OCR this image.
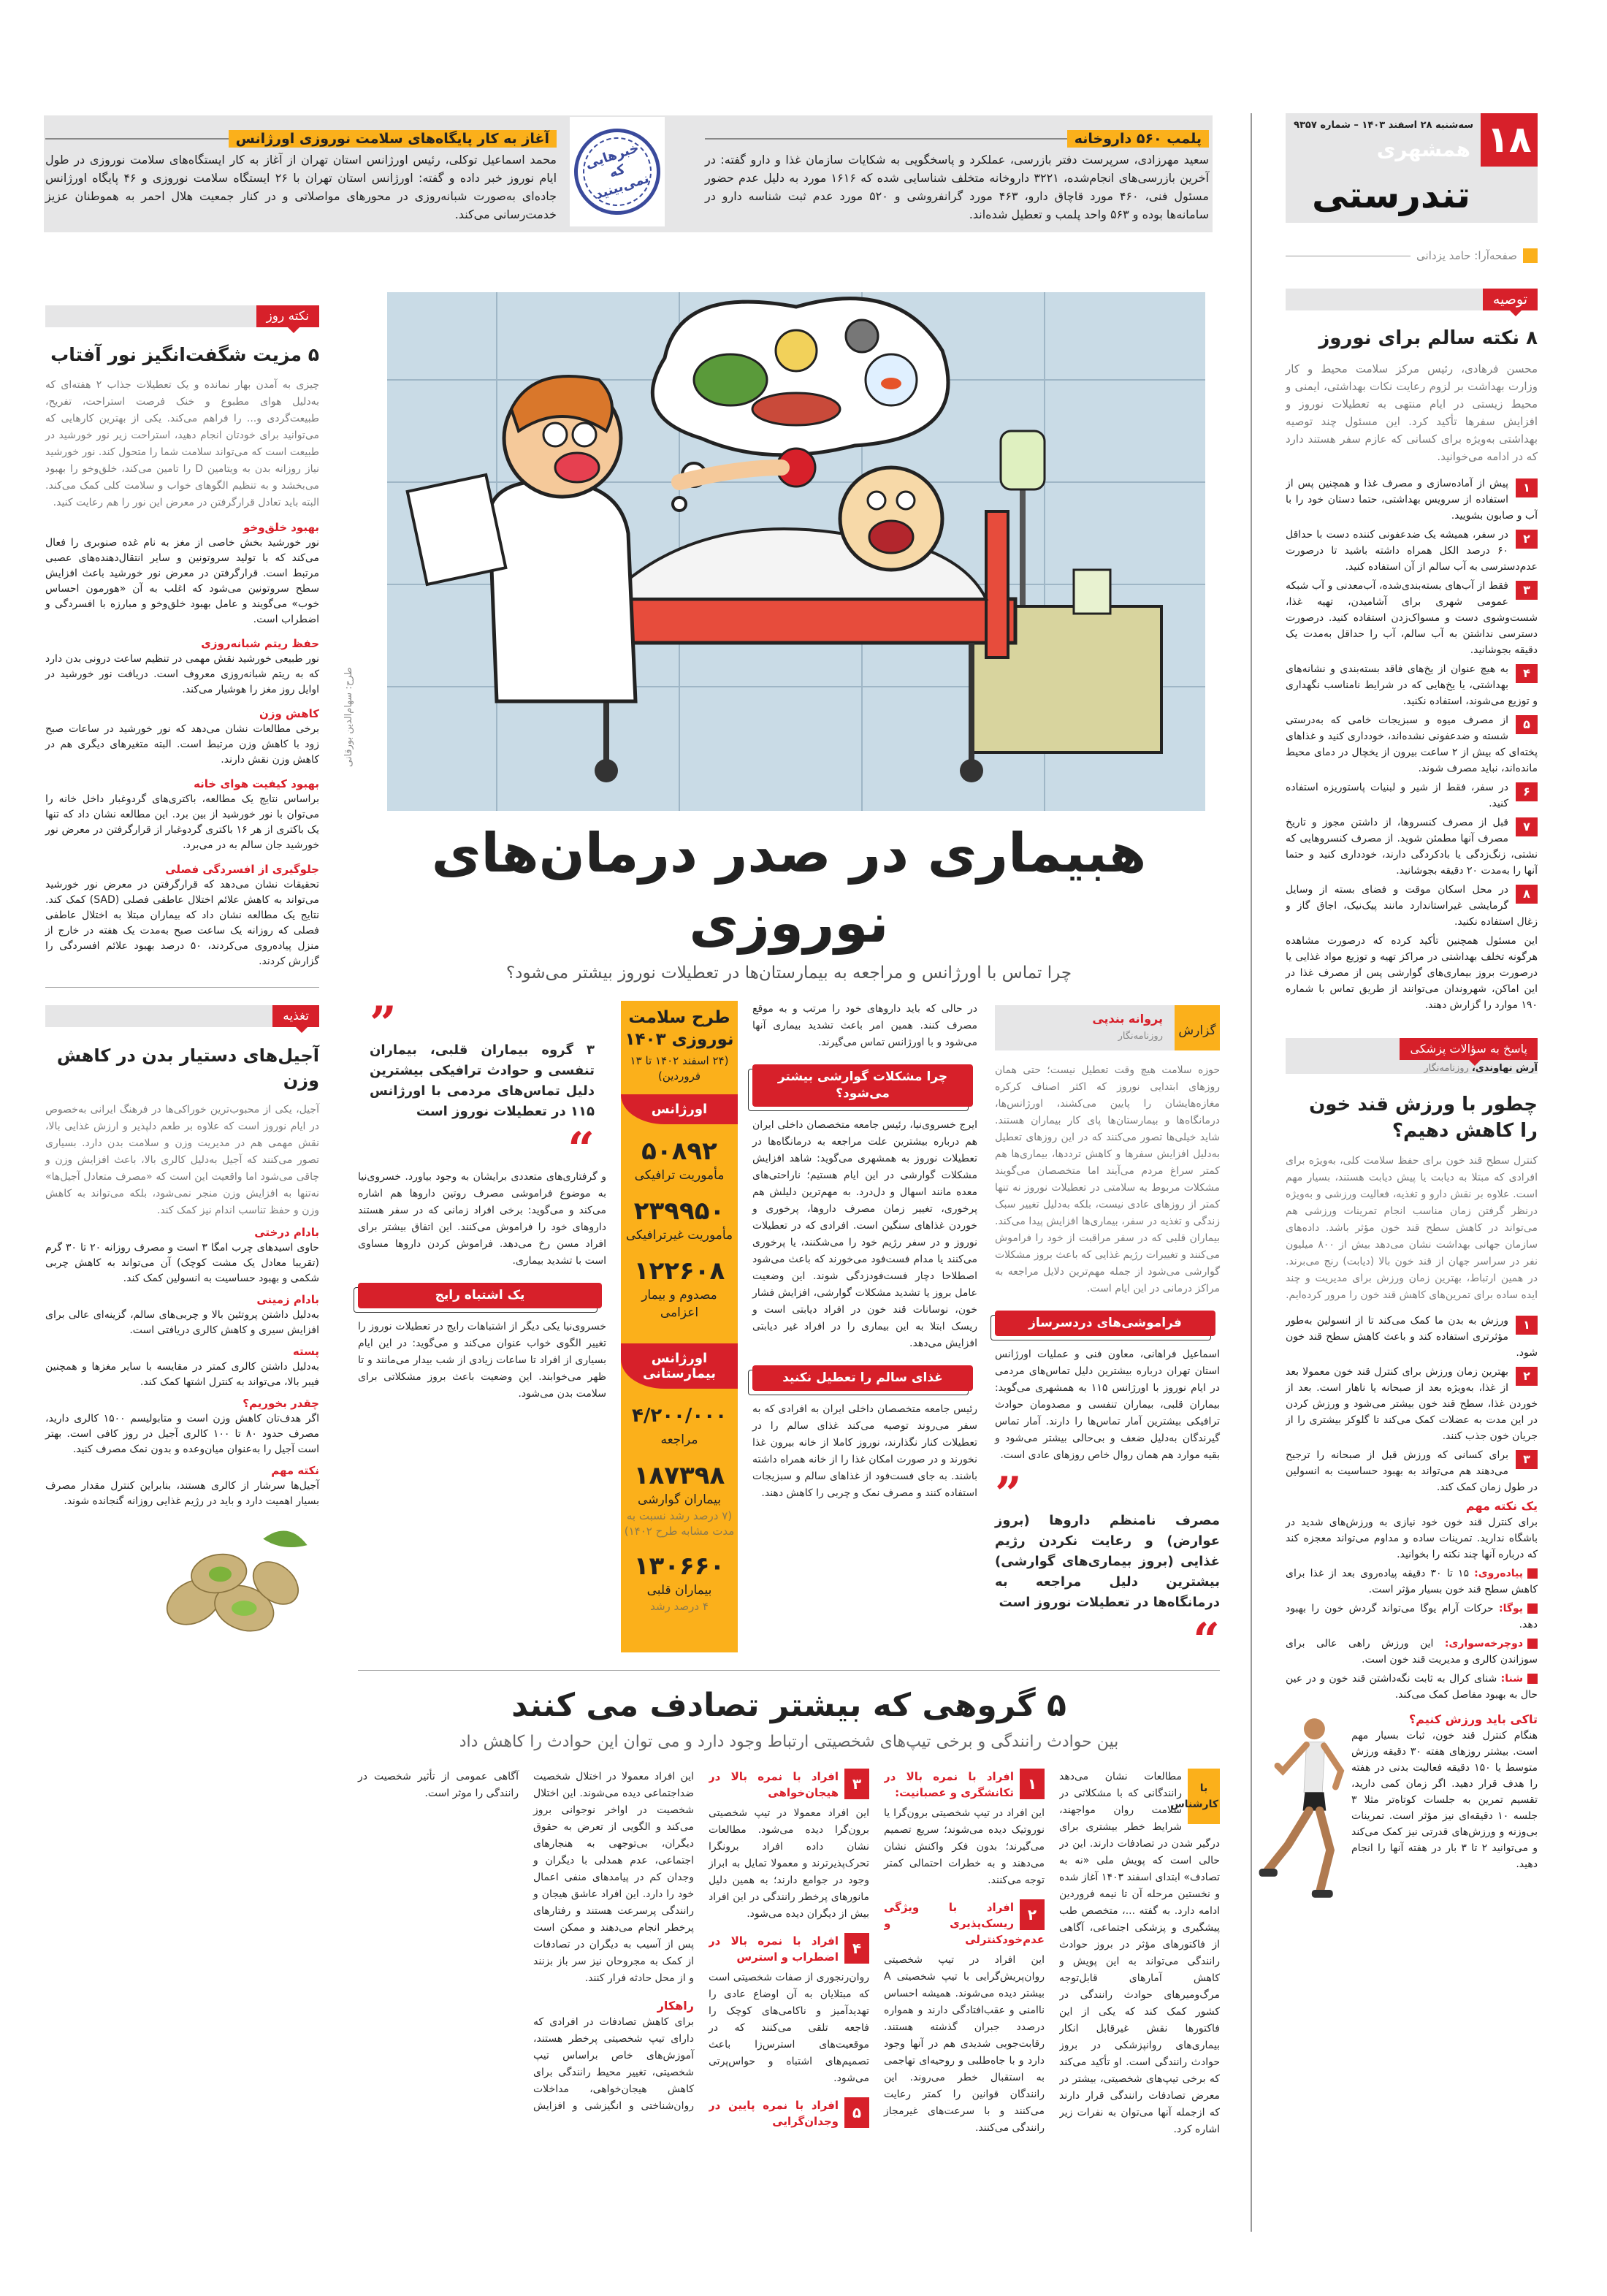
پلمب ۵۶۰ داروخانه

سعید مهرزادی، سرپرست دفتر بازرسی، عملکرد و پاسخگویی به شکایات سازمان غذا و دارو گفته: در آخرین بازرسی‌های انجام‌شده، ۳۲۲۱ داروخانه متخلف شناسایی شده که ۱۶۱۶ مورد به دلیل عدم حضور مسئول فنی، ۴۶۰ مورد قاچاق دارو، ۴۶۳ مورد گرانفروشی و ۵۲۰ مورد عدم ثبت شناسه دارو در سامانه‌ها بوده و ۵۶۳ واحد پلمب و تعطیل شده‌اند.

خبرهایی که نمی‌بینید
آغاز به کار پایگاه‌های سلامت نوروزی اورژانس

محمد اسماعیل توکلی، رئیس اورژانس استان تهران از آغاز به کار ایستگاه‌های سلامت نوروزی در طول ایام نوروز خبر داده و گفته: اورژانس استان تهران با ۲۶ ایستگاه سلامت نوروزی و ۴۶ پایگاه اورژانس جاده‌ای به‌صورت شبانه‌روزی در محورهای مواصلاتی و در کنار جمعیت هلال احمر به هموطنان عزیز خدمت‌رسانی می‌کند.

۱۸
سه‌شنبه ۲۸ اسفند ۱۴۰۳ – شماره ۹۳۵۷
همشهری
تندرستی
صفحه‌آرا: حامد یزدانی
توصیه
۸ نکته سالم برای نوروز

محسن فرهادی، رئیس مرکز سلامت محیط و کار وزارت بهداشت بر لزوم رعایت نکات بهداشتی، ایمنی و محیط زیستی در ایام منتهی به تعطیلات نوروز و افزایش سفرها تأکید کرد. این مسئول چند توصیه بهداشتی به‌ویژه برای کسانی که عازم سفر هستند دارد که در ادامه می‌خوانید.

۱
پیش از آماده‌سازی و مصرف غذا و همچنین پس از استفاده از سرویس بهداشتی، حتما دستان خود را با آب و صابون بشویید.
۲
در سفر، همیشه یک ضدعفونی کننده دست با حداقل ۶۰ درصد الکل همراه داشته باشید تا درصورت عدم‌دسترسی به آب سالم از آن استفاده کنید.
۳
فقط از آب‌های بسته‌بندی‌شده، آب‌معدنی و آب شبکه عمومی شهری برای آشامیدن، تهیه غذا، شست‌وشوی دست و مسواک‌زدن استفاده کنید. درصورت دسترسی نداشتن به آب سالم، آب را حداقل به‌مدت یک دقیقه بجوشانید.
۴
به هیچ عنوان از یخ‌های فاقد بسته‌بندی و نشانه‌های بهداشتی، یا یخ‌هایی که در شرایط نامناسب نگهداری و توزیع می‌شوند، استفاده نکنید.
۵
از مصرف میوه و سبزیجات خامی که به‌درستی شسته و ضدعفونی نشده‌اند، خودداری کنید و غذاهای پخته‌ای که بیش از ۲ ساعت بیرون از یخچال در دمای محیط مانده‌اند، نباید مصرف شوند.
۶
در سفر، فقط از شیر و لبنیات پاستوریزه استفاده کنید.
۷
قبل از مصرف کنسروها، از داشتن مجوز و تاریخ مصرف آنها مطمئن شوید. از مصرف کنسروهایی که نشتی، زنگ‌زدگی یا بادکردگی دارند، خودداری کنید و حتما آنها را به‌مدت ۲۰ دقیقه بجوشانید.
۸
در محل اسکان موقت و فضای بسته از وسایل گرمایشی غیراستاندارد مانند پیک‌نیک، اجاق گاز و زغال استفاده نکنید.

این مسئول همچنین تأکید کرده که درصورت مشاهده هرگونه تخلف بهداشتی در مراکز تهیه و توزیع مواد غذایی یا درصورت بروز بیماری‌های گوارشی پس از مصرف غذا در این اماکن، شهروندان می‌توانند از طریق تماس با شماره ۱۹۰ موارد را گزارش دهند.

پاسخ به سؤالات پزشکی
آرش نهاوندی، روزنامه‌نگار
چطور با ورزش قند خون را کاهش دهیم؟

کنترل سطح قند خون برای حفظ سلامت کلی، به‌ویژه برای افرادی که مبتلا به دیابت یا پیش دیابت هستند، بسیار مهم است. علاوه بر نقش دارو و تغذیه، فعالیت ورزشی و به‌ویژه درنظر گرفتن زمان مناسب انجام تمرینات ورزشی هم می‌تواند در کاهش سطح قند خون مؤثر باشد. داده‌های سازمان جهانی بهداشت نشان می‌دهد بیش از ۸۰۰ میلیون نفر در سراسر جهان از قند خون بالا (دیابت) رنج می‌برند. در همین ارتباط، بهترین زمان ورزش برای مدیریت و چند ایده ساده برای تمرین‌های کاهش قند خون را مرور کرده‌ایم.

۱
ورزش به بدن ما کمک می‌کند تا از انسولین به‌طور مؤثرتری استفاده کند و باعث کاهش سطح قند خون شود.
۲
بهترین زمان ورزش برای کنترل قند خون معمولا بعد از غذا، به‌ویژه بعد از صبحانه یا ناهار است. بعد از خوردن غذا، سطح قند خون بیشتر می‌شود و ورزش کردن در این مدت به عضلات کمک می‌کند تا گلوکز بیشتری را از جریان خون جذب کنند.
۳
برای کسانی که ورزش قبل از صبحانه را ترجیح می‌دهند هم می‌تواند به بهبود حساسیت به انسولین در طول زمان کمک کند.
یک نکته مهم

برای کنترل قند خون خود نیازی به ورزش‌های شدید در باشگاه ندارید. تمرینات ساده و مداوم می‌تواند معجزه کند که درباره آنها چند نکته را بخوانید.

پیاده‌روی: ۱۵ تا ۳۰ دقیقه پیاده‌روی بعد از غذا برای کاهش سطح قند خون بسیار مؤثر است.

یوگا: حرکات آرام یوگا می‌تواند گردش خون را بهبود دهد.

دوچرخه‌سواری: این ورزش راهی عالی برای سوزاندن کالری و مدیریت قند خون است.

شنا: شنای کرال به ثابت نگه‌داشتن قند خون و در عین حال به بهبود مفاصل کمک می‌کند.

تاکی باید ورزش کنیم؟

هنگام کنترل قند خون، ثبات بسیار مهم است. بیشتر روزهای هفته ۳۰ دقیقه ورزش متوسط یا ۱۵۰ دقیقه فعالیت بدنی در هفته را هدف قرار دهید. اگر زمان کمی دارید، تقسیم تمرین به جلسات کوتاه‌تر مثلا ۳ جلسه ۱۰ دقیقه‌ای نیز مؤثر است. تمرینات بی‌وزنه و ورزش‌های قدرتی نیز کمک می‌کند و می‌توانید ۲ تا ۳ بار در هفته آنها را انجام دهید.

نکته روز
۵ مزیت شگفت‌انگیز نور آفتاب

چیزی به آمدن بهار نمانده و یک تعطیلات جذاب ۲ هفته‌ای که به‌دلیل هوای مطبوع و خنک فرصت استراحت، تفریح، طبیعت‌گردی و... را فراهم می‌کند. یکی از بهترین کارهایی که می‌توانید برای خودتان انجام دهید، استراحت زیر نور خورشید در طبیعت است که می‌تواند سلامت شما را متحول کند. نور خورشید نیاز روزانه بدن به ویتامین D را تامین می‌کند، خلق‌وخو را بهبود می‌بخشد و به تنظیم الگوهای خواب و سلامت کلی کمک می‌کند. البته باید تعادل قرارگرفتن در معرض این نور را هم رعایت کنید.

بهبود خلق‌وخو

نور خورشید بخش خاصی از مغز به نام غده صنوبری را فعال می‌کند که با تولید سروتونین و سایر انتقال‌دهنده‌های عصبی مرتبط است. قرارگرفتن در معرض نور خورشید باعث افزایش سطح سروتونین می‌شود که اغلب به آن «هورمون احساس خوب» می‌گویند و عامل بهبود خلق‌وخو و مبارزه با افسردگی و اضطراب است.

حفظ ریتم شبانه‌روزی

نور طبیعی خورشید نقش مهمی در تنظیم ساعت درونی بدن دارد که به ریتم شبانه‌روزی معروف است. دریافت نور خورشید در اوایل روز مغز را هوشیار می‌کند.

کاهش وزن

برخی مطالعات نشان می‌دهد که نور خورشید در ساعات صبح زود با کاهش وزن مرتبط است. البته متغیرهای دیگری هم در کاهش وزن نقش دارند.

بهبود کیفیت هوای خانه

براساس نتایج یک مطالعه، باکتری‌های گردوغبار داخل خانه را می‌توان با نور خورشید از بین برد. این مطالعه نشان داد که تنها یک باکتری از هر ۱۶ باکتری گردوغبار از قرارگرفتن در معرض نور خورشید جان سالم به در می‌برد.

جلوگیری از افسردگی فصلی

تحقیقات نشان می‌دهد که قرارگرفتن در معرض نور خورشید می‌تواند به کاهش علائم اختلال عاطفی فصلی (SAD) کمک کند. نتایج یک مطالعه نشان داد که بیماران مبتلا به اختلال عاطفی فصلی که روزانه یک ساعت صبح به‌مدت یک هفته در خارج از منزل پیاده‌روی می‌کردند، ۵۰ درصد بهبود علائم افسردگی را گزارش کردند.

تغذیه
آجیل‌های دستیار بدن در کاهش وزن

آجیل، یکی از محبوب‌ترین خوراکی‌ها در فرهنگ ایرانی به‌خصوص در ایام نوروز است که علاوه بر طعم دلپذیر و ارزش غذایی بالا، نقش مهمی هم در مدیریت وزن و سلامت بدن دارد. بسیاری تصور می‌کنند که آجیل به‌دلیل کالری بالا، باعث افزایش وزن و چاقی می‌شود اما واقعیت این است که «مصرف متعادل آجیل‌ها» نه‌تنها به افزایش وزن منجر نمی‌شود، بلکه می‌تواند به کاهش وزن و حفظ تناسب اندام نیز کمک کند.

بادام درختی

حاوی اسیدهای چرب امگا ۳ است و مصرف روزانه ۲۰ تا ۳۰ گرم (تقریبا معادل یک مشت کوچک) آن می‌تواند به کاهش چربی شکمی و بهبود حساسیت به انسولین کمک کند.

بادام زمینی

به‌دلیل داشتن پروتئین بالا و چربی‌های سالم، گزینه‌ای عالی برای افزایش سیری و کاهش کالری دریافتی است.

پسته

به‌دلیل داشتن کالری کمتر در مقایسه با سایر مغزها و همچنین فیبر بالا، می‌تواند به کنترل اشتها کمک کند.

چقدر بخوریم؟

اگر هدف‌تان کاهش وزن است و متابولیسم ۱۵۰۰ کالری دارید، مصرف حدود ۸۰ تا ۱۰۰ کالری آجیل در روز کافی است. بهتر است آجیل را به‌عنوان میان‌وعده و بدون نمک مصرف کنید.

نکته مهم

آجیل‌ها سرشار از کالری هستند، بنابراین کنترل مقدار مصرف بسیار اهمیت دارد و باید در رژیم غذایی روزانه گنجانده شوند.

طرح: سهام‌الدین بورقانی
هبیماری در صدر درمان‌های نوروزی
چرا تماس با اورژانس و مراجعه به بیمارستان‌ها در تعطیلات نوروز بیشتر می‌شود؟
گزارش
پروانه بندپی
روزنامه‌نگار

حوزه سلامت هیچ وقت تعطیل نیست؛ حتی همان روزهای ابتدایی نوروز که اکثر اصناف کرکره مغازه‌هایشان را پایین می‌کشند، اورژانس‌ها، درمانگاه‌ها و بیمارستان‌ها پای کار بیماران هستند. شاید خیلی‌ها تصور می‌کنند که در این روزهای تعطیل به‌دلیل افزایش سفرها و کاهش ترددها، بیماری‌ها هم کمتر سراغ مردم می‌آیند اما متخصصان می‌گویند مشکلات مربوط به سلامتی در تعطیلات نوروز نه تنها کمتر از روزهای عادی نیست، بلکه به‌دلیل تغییر سبک زندگی و تغذیه در سفر، بیماری‌ها افزایش پیدا می‌کند. بیماران قلبی که در سفر مراقبت از خود را فراموش می‌کنند و تغییرات رژیم غذایی که باعث بروز مشکلات گوارشی می‌شود از جمله مهم‌ترین دلایل مراجعه به مراکز درمانی در این ایام است.

فراموشی‌های دردسرساز

اسماعیل فراهانی، معاون فنی و عملیات اورژانس استان تهران درباره بیشترین دلیل تماس‌های مردمی در ایام نوروز با اورژانس ۱۱۵ به همشهری می‌گوید: بیماران قلبی، بیماران تنفسی و مصدومان حوادث ترافیکی بیشترین آمار تماس‌ها را دارند. آمار تماس گیرندگان به‌دلیل ضعف و بی‌حالی بیشتر می‌شود و بقیه موارد هم همان روال خاص روزهای عادی است.

”

مصرف نامنظم داروها (بروز عوارض) و رعایت نکردن رژیم غذایی (بروز بیماری‌های گوارشی) بیشترین دلیل مراجعه به درمانگاه‌ها در تعطیلات نوروز است

“

در حالی که باید داروهای خود را مرتب و به موقع مصرف کنند. همین امر باعث تشدید بیماری آنها می‌شود و با اورژانس تماس می‌گیرند.

چرا مشکلات گوارشی بیشتر می‌شود؟

ایرج خسروی‌نیا، رئیس جامعه متخصصان داخلی ایران هم درباره بیشترین علت مراجعه به درمانگاه‌ها در تعطیلات نوروز به همشهری می‌گوید: شاهد افزایش مشکلات گوارشی در این ایام هستیم؛ ناراحتی‌های معده مانند اسهال و دل‌درد. به مهم‌ترین دلیلش هم پرخوری، تغییر زمان مصرف داروها، پرخوری و خوردن غذاهای سنگین است. افرادی که در تعطیلات نوروز و در سفر رژیم خود را می‌شکنند، یا پرخوری می‌کنند یا مدام فست‌فود می‌خورند که باعث می‌شود اصطلاحا دچار فست‌فودزدگی شوند. این وضعیت عامل بروز یا تشدید مشکلات گوارشی، افزایش فشار خون، نوسانات قند خون در افراد دیابتی است و ریسک ابتلا به این بیماری را در افراد غیر دیابتی افزایش می‌دهد.

غذای سالم را تعطیل نکنید

رئیس جامعه متخصصان داخلی ایران به افرادی که به سفر می‌روند توصیه می‌کند غذای سالم را در تعطیلات کنار نگذارند، نوروز کاملا از خانه بیرون غذا نخورند و در صورت امکان غذا را از خانه همراه داشته باشند. به جای فست‌فود از غذاهای سالم و سبزیجات استفاده کنند و مصرف نمک و چربی را کاهش دهند.

طرح سلامت نوروزی ۱۴۰۳
(۲۴ اسفند ۱۴۰۲ تا ۱۳ فروردین)
اورژانس
۵۰۸۹۲
مأموریت ترافیکی
۲۳۹۹۵۰
مأموریت غیرترافیکی
۱۲۲۶۰۸
مصدوم و بیمار اعزامی
اورژانس بیمارستانی
۴/۲۰۰/۰۰۰
مراجعه
۱۸۷۳۹۸
بیماران گوارشی
(۷ درصد رشد نسبت به مدت مشابه طرح ۱۴۰۲)
۱۳۰۶۶۰
بیماران قلبی
۴ درصد رشد
”

۳ گروه بیماران قلبی، بیماران تنفسی و حوادث ترافیکی بیشترین دلیل تماس‌های مردمی با اورژانس ۱۱۵ در تعطیلات نوروز است

“

و گرفتاری‌های متعددی برایشان به وجود بیاورد. خسروی‌نیا به موضوع فراموشی مصرف روتین داروها هم اشاره می‌کند و می‌گوید: برخی افراد زمانی که در سفر هستند داروهای خود را فراموش می‌کنند. این اتفاق بیشتر برای افراد مسن رخ می‌دهد. فراموش کردن داروها مساوی است با تشدید بیماری.

یک اشتباه رایج

خسروی‌نیا یکی دیگر از اشتباهات رایج در تعطیلات نوروز را تغییر الگوی خواب عنوان می‌کند و می‌گوید: در این ایام بسیاری از افراد تا ساعات زیادی از شب بیدار می‌مانند و تا ظهر می‌خوابند. این وضعیت باعث بروز مشکلاتی برای سلامت بدن می‌شود.

۵ گروهی که بیشتر تصادف می کنند
بین حوادث رانندگی و برخی تیپ‌های شخصیتی ارتباط وجود دارد و می توان این حوادث را کاهش داد
با کارشناس

مطالعات نشان می‌دهد رانندگانی که با مشکلاتی در سلامت روان مواجهند، شرایط خطر بیشتری برای درگیر شدن در تصادفات دارند. این در حالی است که پویش ملی «نه به تصادف» ابتدای اسفند ۱۴۰۳ آغاز شده و نخستین مرحله آن تا نیمه فروردین ادامه دارد. به گفته ...، متخصص طب پیشگیری و پزشکی اجتماعی، آگاهی از فاکتورهای مؤثر در بروز حوادث رانندگی می‌تواند به این پویش و کاهش آمارهای قابل‌توجه مرگ‌ومیرهای حوادث رانندگی در کشور کمک کند که یکی از این فاکتورها نقش غیرقابل انکار بیماری‌های روانپزشکی در بروز حوادث رانندگی است. او تأکید می‌کند که برخی تیپ‌های شخصیتی، بیشتر در معرض تصادفات رانندگی قرار دارند که ازجمله آنها می‌توان به نفرات زیر اشاره کرد.

۱
افراد با نمره بالا در تکانشگری و عصبانیت:

این افراد در تیپ شخصیتی برون‌گرا یا نوروتیک دیده می‌شوند؛ سریع تصمیم می‌گیرند؛ بدون فکر واکنش نشان می‌دهند و به خطرات احتمالی کمتر توجه می‌کنند.

۲
افراد با ویژگی ریسک‌پذیری و عدم‌خودکنترلی

این افراد در تیپ شخصیتی روان‌پریش‌گرایی با تیپ شخصیتی A بیشتر دیده می‌شوند. همیشه احساس ناامنی و عقب‌افتادگی دارند و همواره درصدد جبران گذشته هستند. رقابت‌جویی شدیدی هم در آنها وجود دارد و با جاه‌طلبی و روحیه‌ای تهاجمی به استقبال خطر می‌روند. این رانندگان قوانین را کمتر رعایت می‌کنند و با سرعت‌های غیرمجاز رانندگی می‌کنند.

۳
افراد با نمره بالا در هیجان‌خواهی

این افراد معمولا در تیپ شخصیتی برون‌گرا دیده می‌شود. مطالعات نشان داده افراد برونگرا تحرک‌پذیرترند و معمولا تمایل به ابراز وجود در جوامع دارند؛ به همین دلیل مانورهای پرخطر رانندگی در این افراد بیش از دیگران دیده می‌شود.

۴
افراد با نمره بالا در اضطراب و استرس

روان‌رنجوری از صفات شخصیتی است که مبتلایان به آن اوضاع عادی را تهدیدآمیز و ناکامی‌های کوچک را فاجعه تلقی می‌کنند که در موقعیت‌های استرس‌زا باعث تصمیم‌های اشتباه و حواس‌پرتی می‌شود.

۵
افراد با نمره پایین در وجدان‌گرایی

این افراد معمولا در اختلال شخصیت ضداجتماعی دیده می‌شوند. این اختلال شخصیت در اواخر نوجوانی بروز می‌کند و الگویی از تعرض به حقوق دیگران، بی‌توجهی به هنجارهای اجتماعی، عدم همدلی با دیگران و وجدان کم در پیامدهای منفی اعمال خود را دارد. این افراد عاشق هیجان و رانندگی پرسرعت هستند و رفتارهای پرخطر انجام می‌دهند و ممکن است پس از آسیب به دیگران در تصادفات از کمک به مجروحان نیز سر باز بزنند و از محل حادثه فرار کنند.

راهکار

برای کاهش تصادفات در افرادی که دارای تیپ شخصیتی پرخطر هستند، آموزش‌های خاص براساس تیپ شخصیتی، تغییر محیط رانندگی برای کاهش هیجان‌خواهی، مداخلات روان‌شناختی و انگیزشی و افزایش آگاهی عمومی از تأثیر شخصیت در رانندگی را موثر است.
